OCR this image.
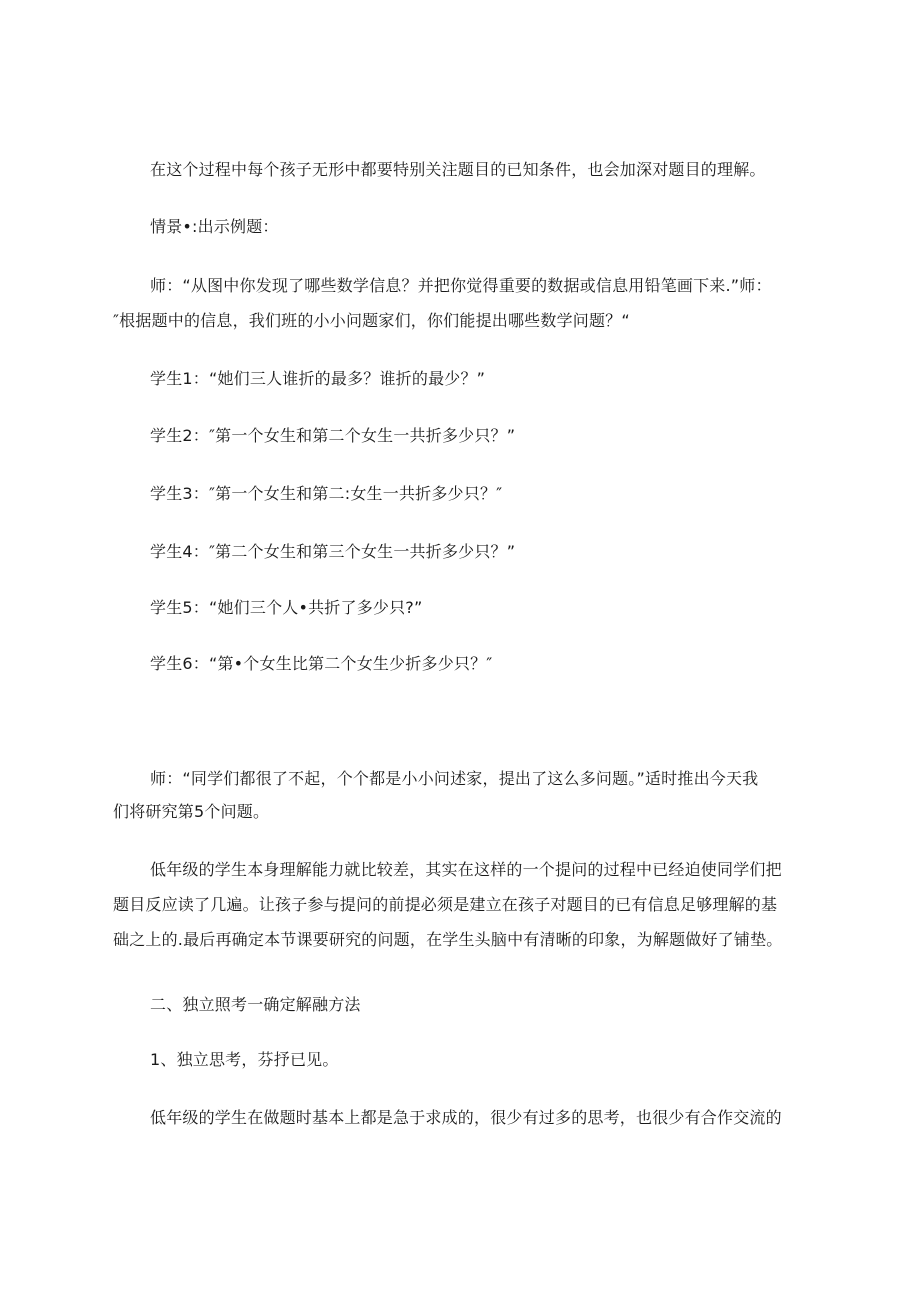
在这个过程中每个孩子无形中都要特别关注题目的已知条件，也会加深对题目的理解。
情景•:出示例题：
师：“从图中你发现了哪些数学信息？并把你觉得重要的数据或信息用铅笔画下来.”师：
″根据题中的信息，我们班的小小问题家们，你们能提出哪些数学问题？“
学生1：“她们三人谁折的最多？谁折的最少？”
学生2：″第一个女生和第二个女生一共折多少只？”
学生3：″第一个女生和第二:女生一共折多少只？″
学生4：″第二个女生和第三个女生一共折多少只？”
学生5：“她们三个人•共折了多少只?”
学生6：“第•个女生比第二个女生少折多少只？″
师：“同学们都很了不起，个个都是小小问述家，提出了这么多问题。”适时推出今天我
们将研究第5个问题。
低年级的学生本身理解能力就比较差，其实在这样的一个提问的过程中已经迫使同学们把
题目反应读了几遍。让孩子参与提问的前提必须是建立在孩子对题目的已有信息足够理解的基
础之上的.最后再确定本节课要研究的问题，在学生头脑中有清晰的印象，为解题做好了铺垫。
二、独立照考一确定解融方法
1、独立思考，芬抒已见。
低年级的学生在做题时基本上都是急于求成的，很少有过多的思考，也很少有合作交流的
